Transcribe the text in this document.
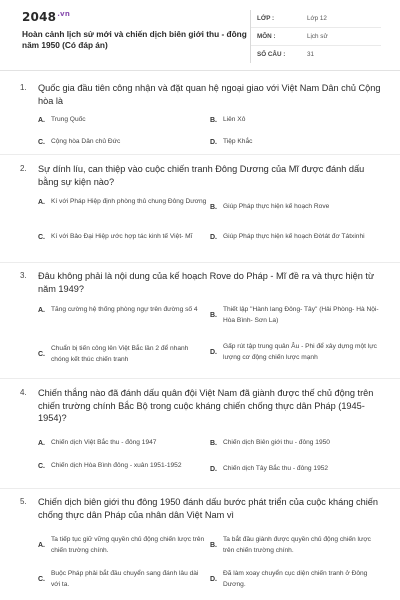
$2048^{.vn}$
Hoàn cảnh lịch sử mới và chiến dịch biên giới thu - đông năm 1950 (Có đáp án)
LỚP :	Lớp 12
MÔN :	Lịch sử
SỐ CÂU :	31
1.	Quốc gia đầu tiên công nhận và đặt quan hệ ngoại giao với Việt Nam Dân chủ Cộng hòa là
A. Trung Quốc	B. Liên Xô
C. Cộng hòa Dân chủ Đức	D. Tiệp Khắc
2.	Sự dính líu, can thiệp vào cuộc chiến tranh Đông Dương của Mĩ được đánh dấu bằng sự kiện nào?
A. Kí với Pháp Hiệp định phòng thủ chung Đông Dương
B. Giúp Pháp thực hiện kế hoạch Rove
C. Kí với Bảo Đại Hiệp ước hợp tác kinh tế Việt- Mĩ D. Giúp Pháp thực hiện kế hoạch Đờlát đơ Tátxinhi
3.	Đâu không phải là nội dung của kế hoạch Rove do Pháp - Mĩ đề ra và thực hiện từ năm 1949?
A. Tăng cường hệ thống phòng ngự trên đường số 4
B.
Thiết lập "Hành lang Đông- Tây" (Hải Phòng- Hà Nội- Hòa Bình- Sơn La)
C.
Chuẩn bị tiến công lên Việt Bắc lần 2 để nhanh chóng kết thúc chiến tranh
D.
Gấp rút tập trung quân Âu - Phi để xây dựng một lực lượng cơ động chiến lược mạnh
4.	Chiến thắng nào đã đánh dấu quân đội Việt Nam đã giành được thế chủ động trên chiến trường chính Bắc Bộ trong cuộc kháng chiến chống thực dân Pháp (1945-1954)?
A. Chiến dịch Việt Bắc thu - đông 1947	B. Chiến dịch Biên giới thu - đông 1950
C. Chiến dịch Hòa Bình đông - xuân 1951-1952
D. Chiến dịch Tây Bắc thu - đông 1952
5.	Chiến dịch biên giới thu đông 1950 đánh dấu bước phát triển của cuộc kháng chiến chống thực dân Pháp của nhân dân Việt Nam vì
A.
Ta tiếp tục giữ vững quyền chủ động chiến lược trên chiến trường chính.
B.
Ta bắt đầu giành được quyền chủ động chiến lược trên chiến trường chính.
C.
Buộc Pháp phải bắt đầu chuyển sang đánh lâu dài với ta.
D.
Đã làm xoay chuyển cục diện chiến tranh ở Đông Dương.
